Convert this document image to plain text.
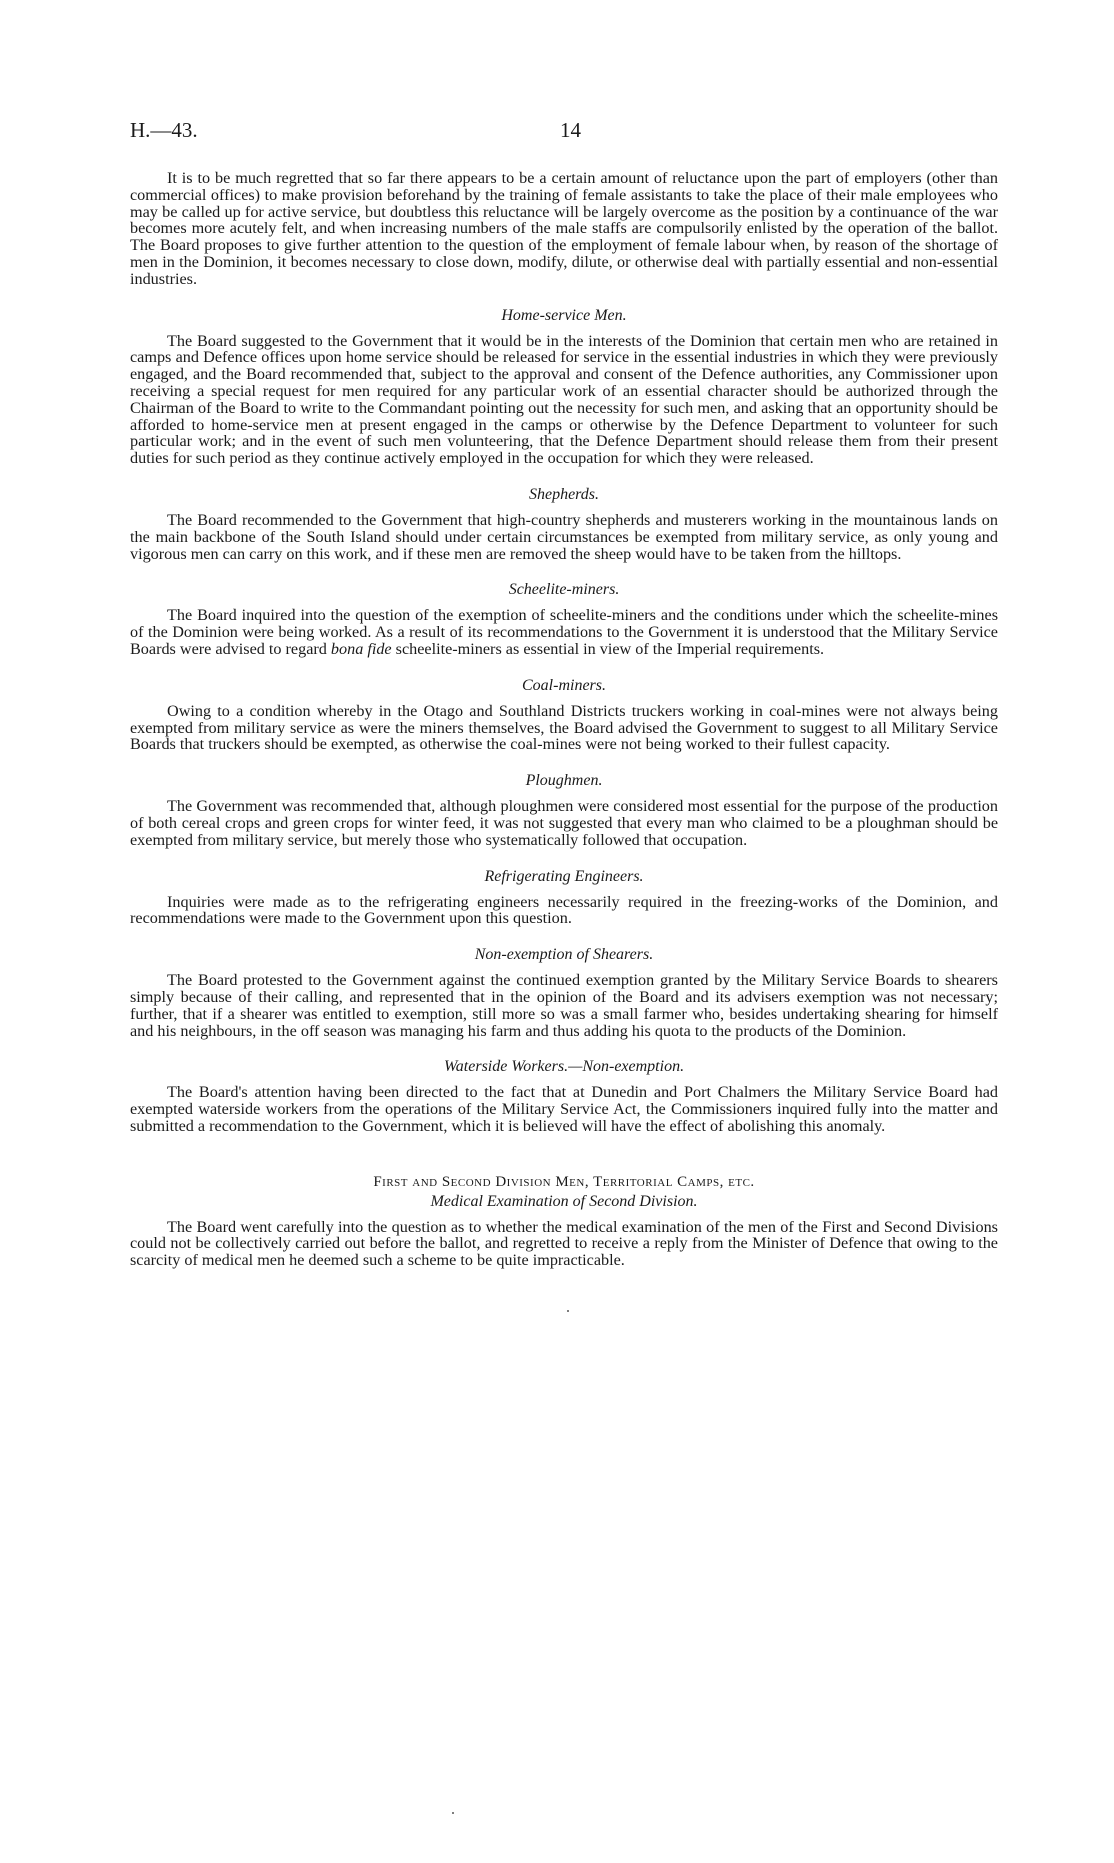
H.—43.	14

It is to be much regretted that so far there appears to be a certain amount of reluctance upon the part of employers (other than commercial offices) to make provision beforehand by the training of female assistants to take the place of their male employees who may be called up for active service, but doubtless this reluctance will be largely overcome as the position by a continuance of the war becomes more acutely felt, and when increasing numbers of the male staffs are compulsorily enlisted by the operation of the ballot. The Board proposes to give further attention to the question of the employment of female labour when, by reason of the shortage of men in the Dominion, it becomes necessary to close down, modify, dilute, or otherwise deal with partially essential and non-essential industries.

Home-service Men.

The Board suggested to the Government that it would be in the interests of the Dominion that certain men who are retained in camps and Defence offices upon home service should be released for service in the essential industries in which they were previously engaged, and the Board recommended that, subject to the approval and consent of the Defence authorities, any Commissioner upon receiving a special request for men required for any particular work of an essential character should be authorized through the Chairman of the Board to write to the Commandant pointing out the necessity for such men, and asking that an opportunity should be afforded to home-service men at present engaged in the camps or otherwise by the Defence Department to volunteer for such particular work; and in the event of such men volunteering, that the Defence Department should release them from their present duties for such period as they continue actively employed in the occupation for which they were released.

Shepherds.

The Board recommended to the Government that high-country shepherds and musterers working in the mountainous lands on the main backbone of the South Island should under certain circumstances be exempted from military service, as only young and vigorous men can carry on this work, and if these men are removed the sheep would have to be taken from the hilltops.

Scheelite-miners.

The Board inquired into the question of the exemption of scheelite-miners and the conditions under which the scheelite-mines of the Dominion were being worked. As a result of its recommendations to the Government it is understood that the Military Service Boards were advised to regard bona fide scheelite-miners as essential in view of the Imperial requirements.

Coal-miners.

Owing to a condition whereby in the Otago and Southland Districts truckers working in coal-mines were not always being exempted from military service as were the miners themselves, the Board advised the Government to suggest to all Military Service Boards that truckers should be exempted, as otherwise the coal-mines were not being worked to their fullest capacity.

Ploughmen.

The Government was recommended that, although ploughmen were considered most essential for the purpose of the production of both cereal crops and green crops for winter feed, it was not suggested that every man who claimed to be a ploughman should be exempted from military service, but merely those who systematically followed that occupation.

Refrigerating Engineers.

Inquiries were made as to the refrigerating engineers necessarily required in the freezing-works of the Dominion, and recommendations were made to the Government upon this question.

Non-exemption of Shearers.

The Board protested to the Government against the continued exemption granted by the Military Service Boards to shearers simply because of their calling, and represented that in the opinion of the Board and its advisers exemption was not necessary; further, that if a shearer was entitled to exemption, still more so was a small farmer who, besides undertaking shearing for himself and his neighbours, in the off season was managing his farm and thus adding his quota to the products of the Dominion.

Waterside Workers.—Non-exemption.

The Board's attention having been directed to the fact that at Dunedin and Port Chalmers the Military Service Board had exempted waterside workers from the operations of the Military Service Act, the Commissioners inquired fully into the matter and submitted a recommendation to the Government, which it is believed will have the effect of abolishing this anomaly.

First and Second Division Men, Territorial Camps, etc.
Medical Examination of Second Division.

The Board went carefully into the question as to whether the medical examination of the men of the First and Second Divisions could not be collectively carried out before the ballot, and regretted to receive a reply from the Minister of Defence that owing to the scarcity of medical men he deemed such a scheme to be quite impracticable.
